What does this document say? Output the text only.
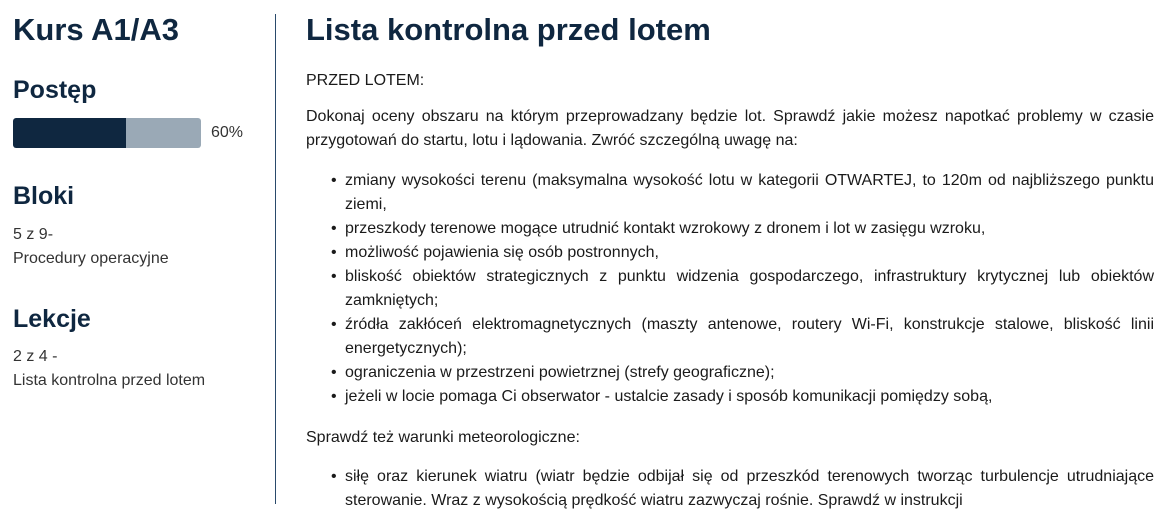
Kurs A1/A3
Postęp
60%
Bloki
5 z 9-
Procedury operacyjne
Lekcje
2 z 4 -
Lista kontrolna przed lotem
Lista kontrolna przed lotem

PRZED LOTEM:

Dokonaj oceny obszaru na którym przeprowadzany będzie lot. Sprawdź jakie możesz napotkać problemy w czasie przygotowań do startu, lotu i lądowania. Zwróć szczególną uwagę na:

• zmiany wysokości terenu (maksymalna wysokość lotu w kategorii OTWARTEJ, to 120m od najbliższego punktu ziemi,
• przeszkody terenowe mogące utrudnić kontakt wzrokowy z dronem i lot w zasięgu wzroku,
• możliwość pojawienia się osób postronnych,
• bliskość obiektów strategicznych z punktu widzenia gospodarczego, infrastruktury krytycznej lub obiektów zamkniętych;
• źródła zakłóceń elektromagnetycznych (maszty antenowe, routery Wi-Fi, konstrukcje stalowe, bliskość linii energetycznych);
• ograniczenia w przestrzeni powietrznej (strefy geograficzne);
• jeżeli w locie pomaga Ci obserwator - ustalcie zasady i sposób komunikacji pomiędzy sobą,

Sprawdź też warunki meteorologiczne:

• siłę oraz kierunek wiatru (wiatr będzie odbijał się od przeszkód terenowych tworząc turbulencje utrudniające sterowanie. Wraz z wysokością prędkość wiatru zazwyczaj rośnie. Sprawdź w instrukcji
